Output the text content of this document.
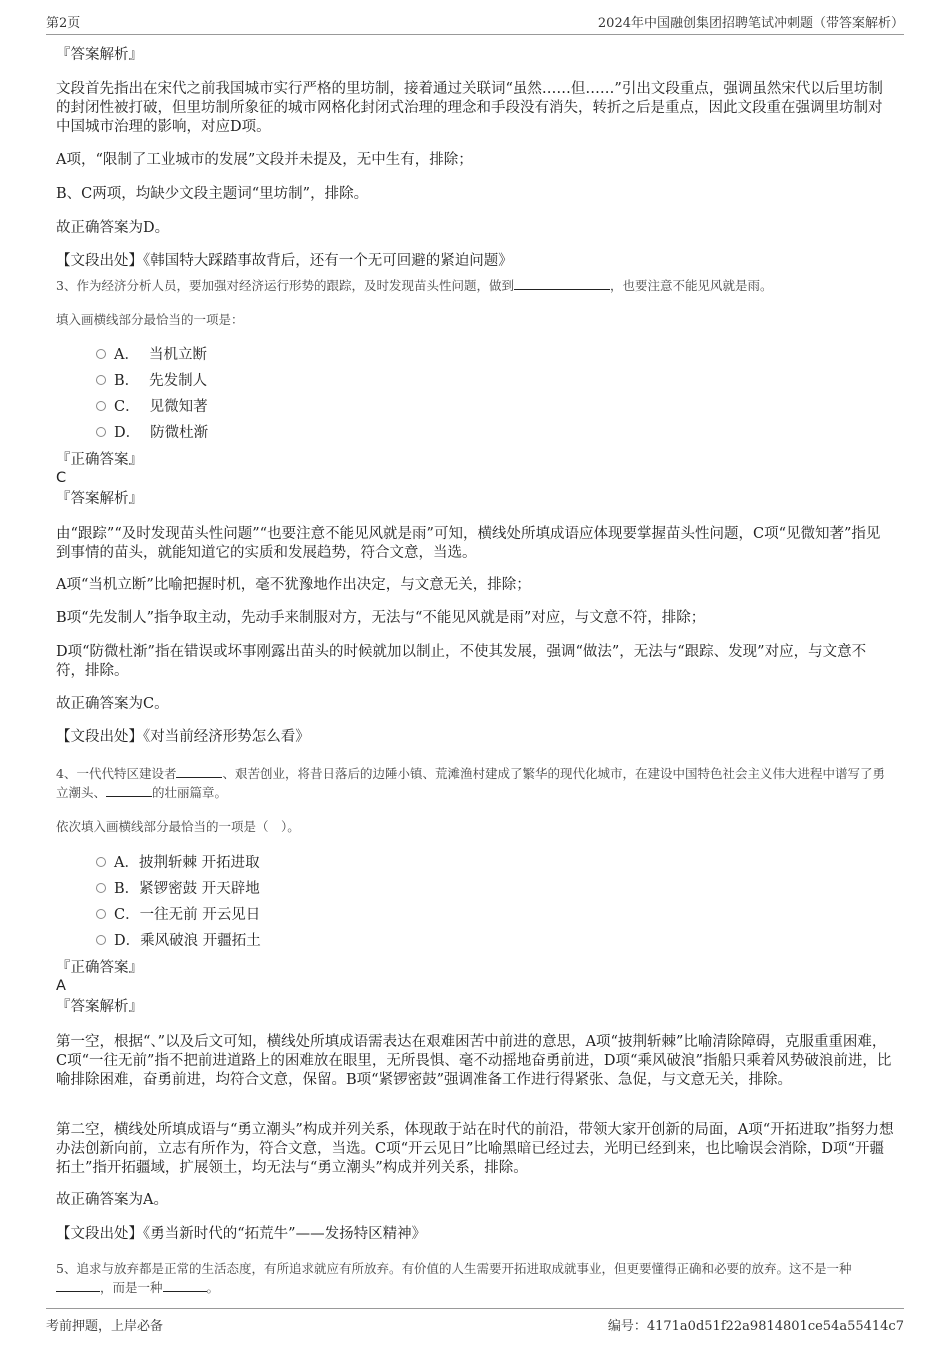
第2页	2024年中国融创集团招聘笔试冲刺题（带答案解析）

『答案解析』

文段首先指出在宋代之前我国城市实行严格的里坊制，接着通过关联词“虽然……但……”引出文段重点，强调虽然宋代以后里坊制的封闭性被打破，但里坊制所象征的城市网格化封闭式治理的理念和手段没有消失，转折之后是重点，因此文段重在强调里坊制对中国城市治理的影响，对应D项。

A项，“限制了工业城市的发展”文段并未提及，无中生有，排除；

B、C两项，均缺少文段主题词“里坊制”，排除。

故正确答案为D。

【文段出处】《韩国特大踩踏事故背后，还有一个无可回避的紧迫问题》

3、作为经济分析人员，要加强对经济运行形势的跟踪，及时发现苗头性问题，做到	，也要注意不能见风就是雨。

填入画横线部分最恰当的一项是：

A． 当机立断
B． 先发制人
C． 见微知著
D． 防微杜渐

『正确答案』

C

『答案解析』

由“跟踪”“及时发现苗头性问题”“也要注意不能见风就是雨”可知，横线处所填成语应体现要掌握苗头性问题，C项“见微知著”指见到事情的苗头，就能知道它的实质和发展趋势，符合文意，当选。

A项“当机立断”比喻把握时机，毫不犹豫地作出决定，与文意无关，排除；

B项“先发制人”指争取主动，先动手来制服对方，无法与“不能见风就是雨”对应，与文意不符，排除；

D项“防微杜渐”指在错误或坏事刚露出苗头的时候就加以制止，不使其发展，强调“做法”，无法与“跟踪、发现”对应，与文意不符，排除。

故正确答案为C。

【文段出处】《对当前经济形势怎么看》

4、一代代特区建设者	、艰苦创业，将昔日落后的边陲小镇、荒滩渔村建成了繁华的现代化城市，在建设中国特色社会主义伟大进程中谱写了勇立潮头、	的壮丽篇章。

依次填入画横线部分最恰当的一项是（　）。

A．披荆斩棘 开拓进取
B．紧锣密鼓 开天辟地
C．一往无前 开云见日
D．乘风破浪 开疆拓土

『正确答案』

A

『答案解析』

第一空，根据“、”以及后文可知，横线处所填成语需表达在艰难困苦中前进的意思，A项“披荆斩棘”比喻清除障碍，克服重重困难，C项“一往无前”指不把前进道路上的困难放在眼里，无所畏惧、毫不动摇地奋勇前进，D项“乘风破浪”指船只乘着风势破浪前进，比喻排除困难，奋勇前进，均符合文意，保留。B项“紧锣密鼓”强调准备工作进行得紧张、急促，与文意无关，排除。

第二空，横线处所填成语与“勇立潮头”构成并列关系，体现敢于站在时代的前沿，带领大家开创新的局面，A项“开拓进取”指努力想办法创新向前，立志有所作为，符合文意，当选。C项“开云见日”比喻黑暗已经过去，光明已经到来，也比喻误会消除，D项“开疆拓土”指开拓疆域，扩展领土，均无法与“勇立潮头”构成并列关系，排除。

故正确答案为A。

【文段出处】《勇当新时代的“拓荒牛”——发扬特区精神》

5、追求与放弃都是正常的生活态度，有所追求就应有所放弃。有价值的人生需要开拓进取成就事业，但更要懂得正确和必要的放弃。这不是一种，而是一种	。

考前押题，上岸必备	编号：4171a0d51f22a9814801ce54a55414c7
